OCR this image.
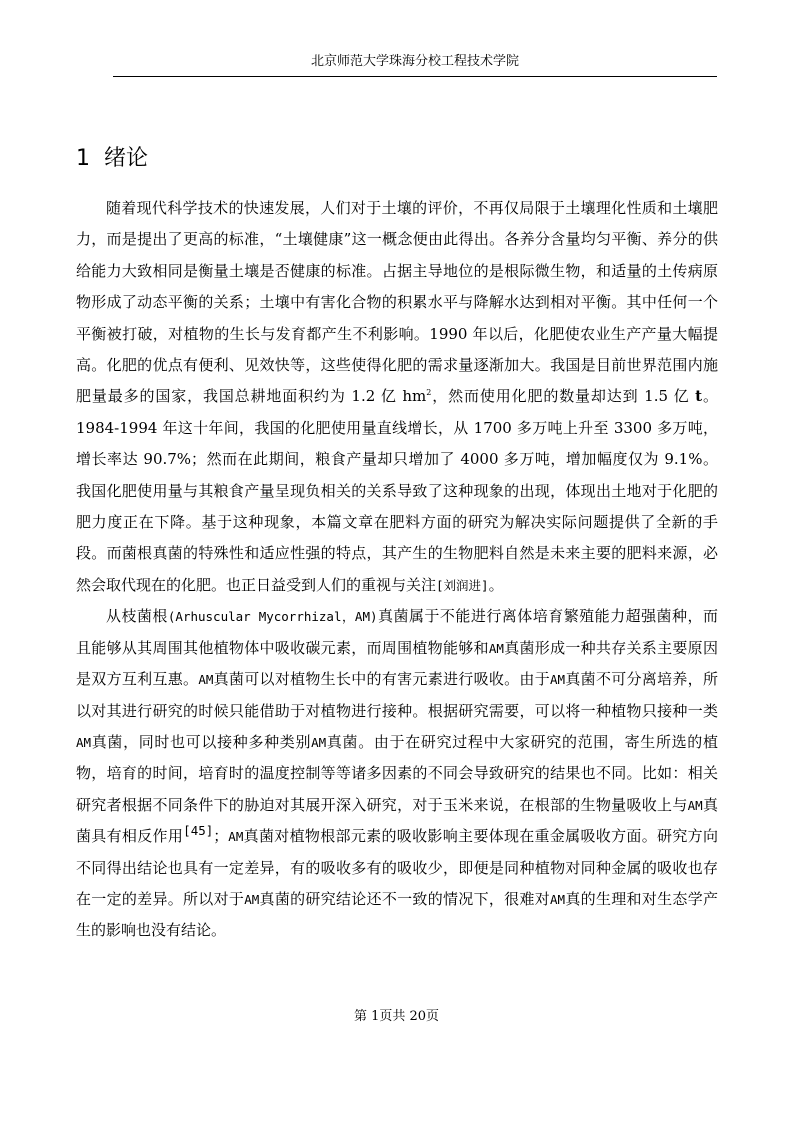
北京师范大学珠海分校工程技术学院
1 绪论

随着现代科学技术的快速发展，人们对于土壤的评价，不再仅局限于土壤理化性质和土壤肥力，而是提出了更高的标准，“土壤健康”这一概念便由此得出。各养分含量均匀平衡、养分的供给能力大致相同是衡量土壤是否健康的标准。占据主导地位的是根际微生物，和适量的土传病原物形成了动态平衡的关系；土壤中有害化合物的积累水平与降解水达到相对平衡。其中任何一个平衡被打破，对植物的生长与发育都产生不利影响。1990 年以后，化肥使农业生产产量大幅提高。化肥的优点有便利、见效快等，这些使得化肥的需求量逐渐加大。我国是目前世界范围内施肥量最多的国家，我国总耕地面积约为 1.2 亿 $hm^2$，然而使用化肥的数量却达到 1.5 亿 t。1984-1994 年这十年间，我国的化肥使用量直线增长，从 1700 多万吨上升至 3300 多万吨，增长率达 90.7%；然而在此期间，粮食产量却只增加了 4000 多万吨，增加幅度仅为 9.1%。 我国化肥使用量与其粮食产量呈现负相关的关系导致了这种现象的出现，体现出土地对于化肥的肥力度正在下降。基于这种现象，本篇文章在肥料方面的研究为解决实际问题提供了全新的手段。而菌根真菌的特殊性和适应性强的特点，其产生的生物肥料自然是未来主要的肥料来源，必然会取代现在的化肥。也正日益受到人们的重视与关注[刘润进]。

从枝菌根(Arhuscular Mycorrhizal，AM)真菌属于不能进行离体培育繁殖能力超强菌种，而且能够从其周围其他植物体中吸收碳元素，而周围植物能够和AM真菌形成一种共存关系主要原因是双方互利互惠。AM真菌可以对植物生长中的有害元素进行吸收。由于AM真菌不可分离培养，所以对其进行研究的时候只能借助于对植物进行接种。根据研究需要，可以将一种植物只接种一类AM真菌，同时也可以接种多种类别AM真菌。由于在研究过程中大家研究的范围，寄生所选的植物，培育的时间，培育时的温度控制等等诸多因素的不同会导致研究的结果也不同。比如：相关研究者根据不同条件下的胁迫对其展开深入研究，对于玉米来说，在根部的生物量吸收上与AM真菌具有相反作用[45]；AM真菌对植物根部元素的吸收影响主要体现在重金属吸收方面。研究方向不同得出结论也具有一定差异，有的吸收多有的吸收少，即便是同种植物对同种金属的吸收也存在一定的差异。所以对于AM真菌的研究结论还不一致的情况下，很难对AM真的生理和对生态学产生的影响也没有结论。

第 1页共 20页
